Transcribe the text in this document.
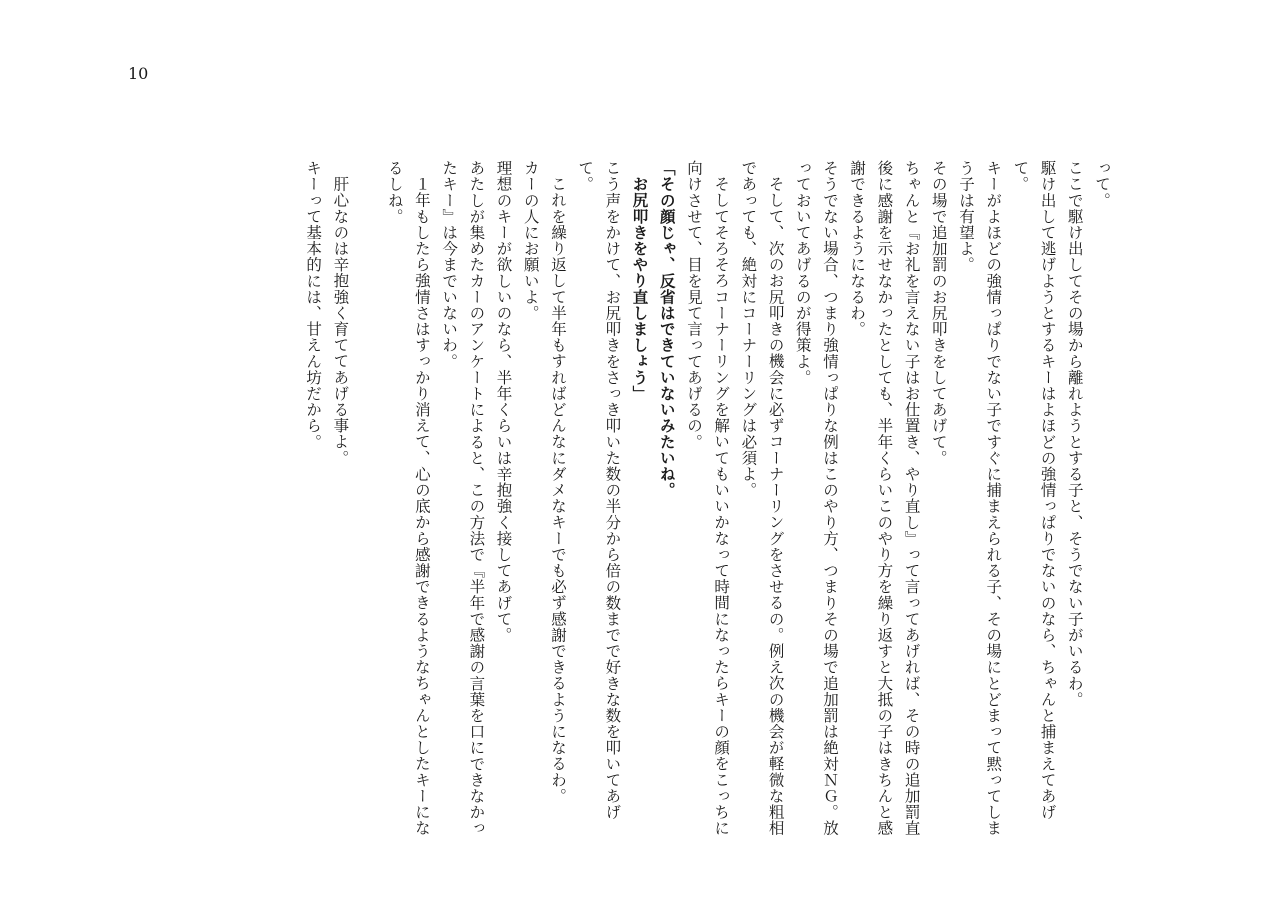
10

って。

ここで駆け出してその場から離れようとする子と、そうでない子がいるわ。

駆け出して逃げようとするキーはよほどの強情っぱりでないのなら、ちゃんと捕まえてあげて。

キーがよほどの強情っぱりでない子ですぐに捕まえられる子、その場にとどまって黙ってしまう子は有望よ。

その場で追加罰のお尻叩きをしてあげて。

ちゃんと『お礼を言えない子はお仕置き、やり直し』って言ってあげれば、その時の追加罰直後に感謝を示せなかったとしても、半年くらいこのやり方を繰り返すと大抵の子はきちんと感謝できるようになるわ。

そうでない場合、つまり強情っぱりな例はこのやり方、つまりその場で追加罰は絶対ＮＧ。放っておいてあげるのが得策よ。

そして、次のお尻叩きの機会に必ずコーナーリングをさせるの。例え次の機会が軽微な粗相であっても、絶対にコーナーリングは必須よ。

そしてそろそろコーナーリングを解いてもいいかなって時間になったらキーの顔をこっちに向けさせて、目を見て言ってあげるの。

「その顔じゃ、反省はできていないみたいね。

お尻叩きをやり直しましょう」

こう声をかけて、お尻叩きをさっき叩いた数の半分から倍の数までで好きな数を叩いてあげて。

これを繰り返して半年もすればどんなにダメなキーでも必ず感謝できるようになるわ。

カーの人にお願いよ。

理想のキーが欲しいのなら、半年くらいは辛抱強く接してあげて。

あたしが集めたカーのアンケートによると、この方法で『半年で感謝の言葉を口にできなかったキー』は今までいないわ。

１年もしたら強情さはすっかり消えて、心の底から感謝できるようなちゃんとしたキーになるしね。

肝心なのは辛抱強く育ててあげる事よ。

キーって基本的には、甘えん坊だから。
